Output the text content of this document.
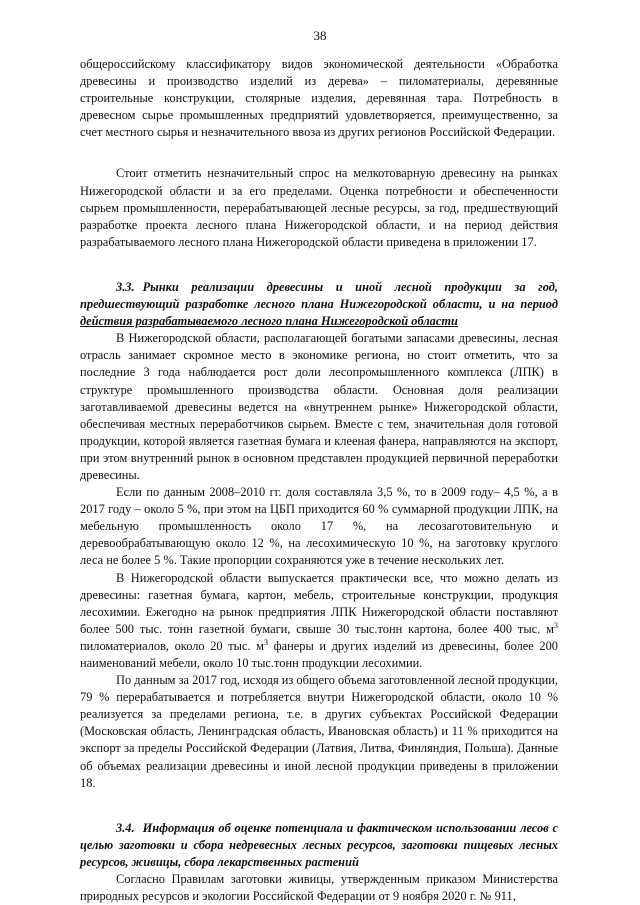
38

общероссийскому классификатору видов экономической деятельности «Обработка древесины и производство изделий из дерева» – пиломатериалы, деревянные строительные конструкции, столярные изделия, деревянная тара. Потребность в древесном сырье промышленных предприятий удовлетворяется, преимущественно, за счет местного сырья и незначительного ввоза из других регионов Российской Федерации.

Стоит отметить незначительный спрос на мелкотоварную древесину на рынках Нижегородской области и за его пределами. Оценка потребности и обеспеченности сырьем промышленности, перерабатывающей лесные ресурсы, за год, предшествующий разработке проекта лесного плана Нижегородской области, и на период действия разрабатываемого лесного плана Нижегородской области приведена в приложении 17.

3.3. Рынки реализации древесины и иной лесной продукции за год, предшествующий разработке лесного плана Нижегородской области, и на период действия разрабатываемого лесного плана Нижегородской области

В Нижегородской области, располагающей богатыми запасами древесины, лесная отрасль занимает скромное место в экономике региона, но стоит отметить, что за последние 3 года наблюдается рост доли лесопромышленного комплекса (ЛПК) в структуре промышленного производства области. Основная доля реализации заготавливаемой древесины ведется на «внутреннем рынке» Нижегородской области, обеспечивая местных переработчиков сырьем. Вместе с тем, значительная доля готовой продукции, которой является газетная бумага и клееная фанера, направляются на экспорт, при этом внутренний рынок в основном представлен продукцией первичной переработки древесины.

Если по данным 2008–2010 гг. доля составляла 3,5 %, то в 2009 году– 4,5 %, а в 2017 году – около 5 %, при этом на ЦБП приходится 60 % суммарной продукции ЛПК, на мебельную промышленность около 17 %, на лесозаготовительную и деревообрабатывающую около 12 %, на лесохимическую 10 %, на заготовку круглого леса не более 5 %. Такие пропорции сохраняются уже в течение нескольких лет.

В Нижегородской области выпускается практически все, что можно делать из древесины: газетная бумага, картон, мебель, строительные конструкции, продукция лесохимии. Ежегодно на рынок предприятия ЛПК Нижегородской области поставляют более 500 тыс. тонн газетной бумаги, свыше 30 тыс.тонн картона, более 400 тыс. $м^3$ пиломатериалов, около 20 тыс. $м^3$ фанеры и других изделий из древесины, более 200 наименований мебели, около 10 тыс.тонн продукции лесохимии.

По данным за 2017 год, исходя из общего объема заготовленной лесной продукции, 79 % перерабатывается и потребляется внутри Нижегородской области, около 10 % реализуется за пределами региона, т.е. в других субъектах Российской Федерации (Московская область, Ленинградская область, Ивановская область) и 11 % приходится на экспорт за пределы Российской Федерации (Латвия, Литва, Финляндия, Польша). Данные об объемах реализации древесины и иной лесной продукции приведены в приложении 18.

3.4. Информация об оценке потенциала и фактическом использовании лесов с целью заготовки и сбора недревесных лесных ресурсов, заготовки пищевых лесных ресурсов, живицы, сбора лекарственных растений

Согласно Правилам заготовки живицы, утвержденным приказом Министерства природных ресурсов и экологии Российской Федерации от 9 ноября 2020 г. № 911,
